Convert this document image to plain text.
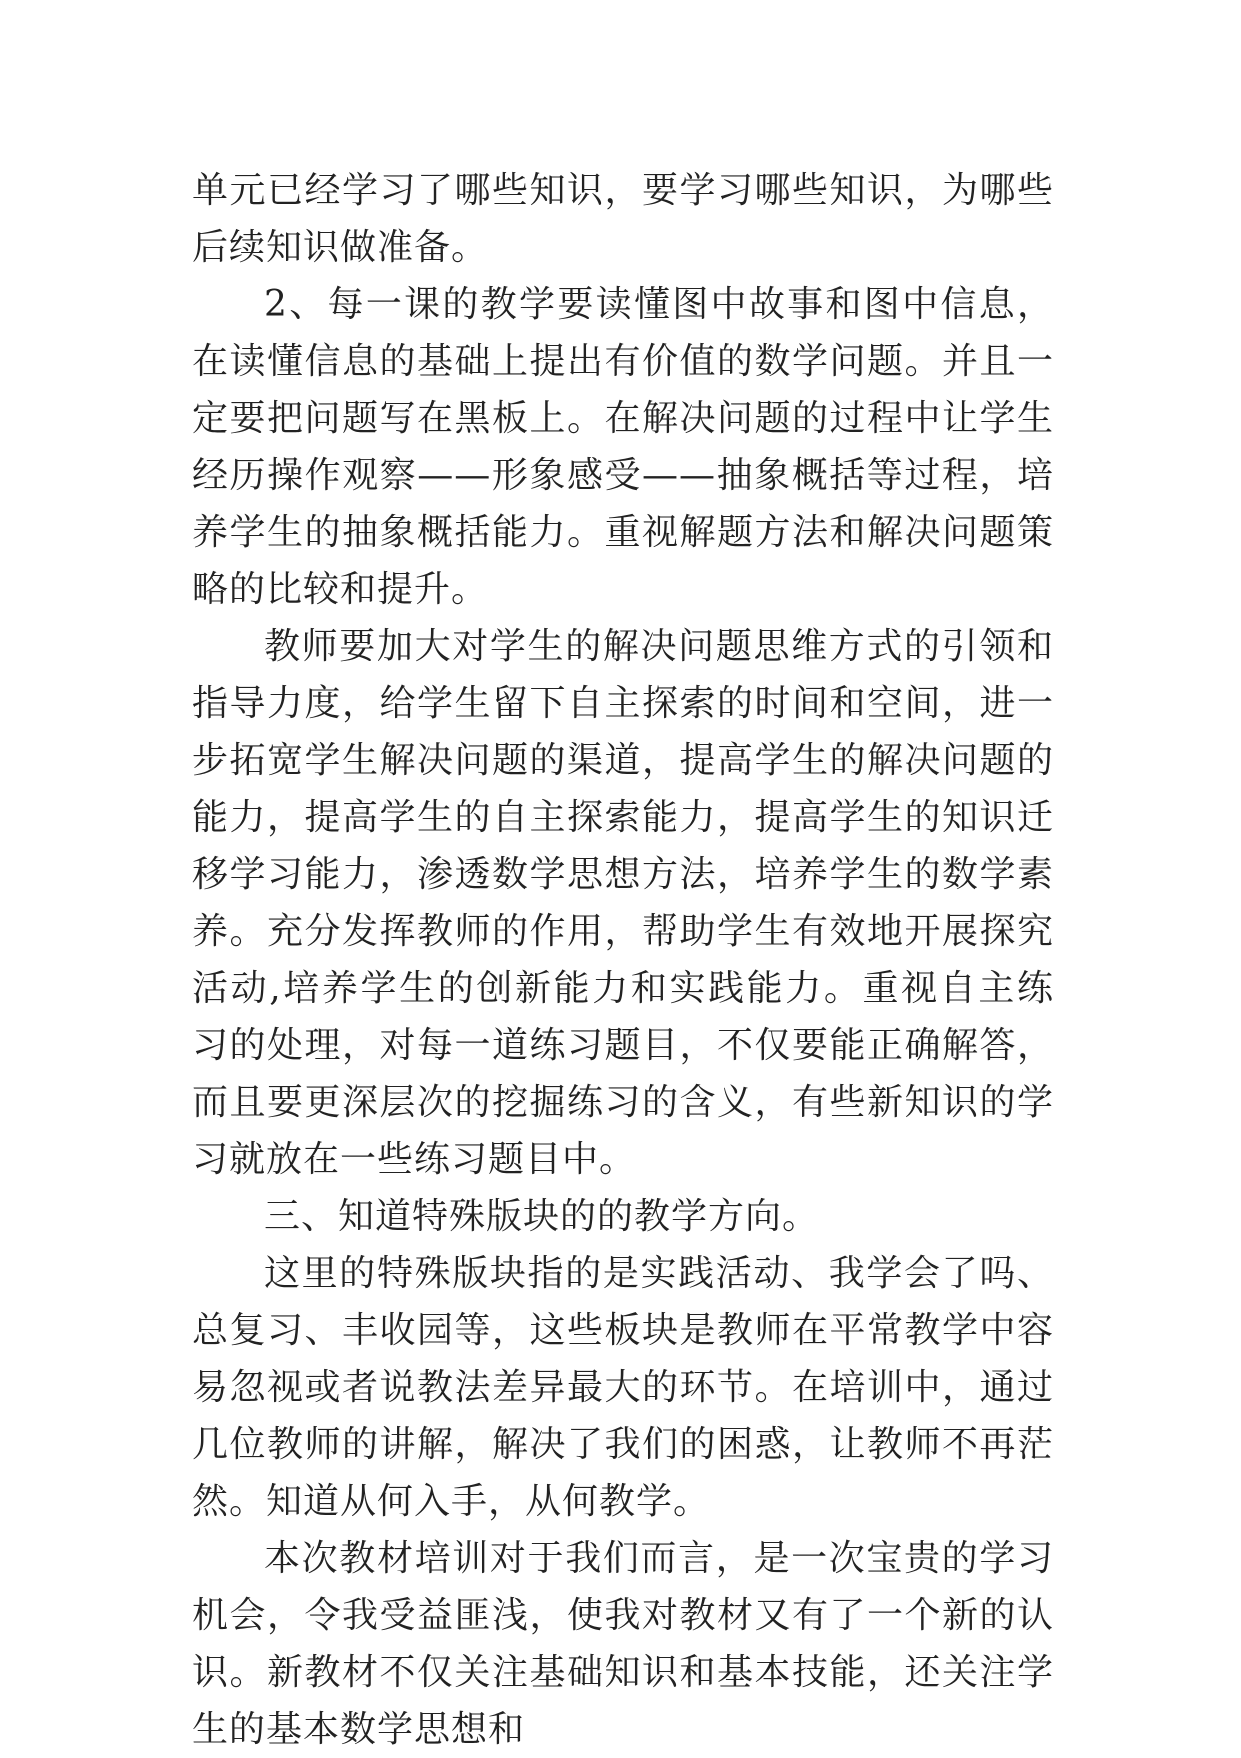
单元已经学习了哪些知识，要学习哪些知识，为哪些后续知识做准备。

2、每一课的教学要读懂图中故事和图中信息，在读懂信息的基础上提出有价值的数学问题。并且一定要把问题写在黑板上。在解决问题的过程中让学生经历操作观察——形象感受——抽象概括等过程，培养学生的抽象概括能力。重视解题方法和解决问题策略的比较和提升。

教师要加大对学生的解决问题思维方式的引领和指导力度，给学生留下自主探索的时间和空间，进一步拓宽学生解决问题的渠道，提高学生的解决问题的能力，提高学生的自主探索能力，提高学生的知识迁移学习能力，渗透数学思想方法，培养学生的数学素养。充分发挥教师的作用，帮助学生有效地开展探究活动,培养学生的创新能力和实践能力。重视自主练习的处理，对每一道练习题目，不仅要能正确解答，而且要更深层次的挖掘练习的含义，有些新知识的学习就放在一些练习题目中。

三、知道特殊版块的的教学方向。

这里的特殊版块指的是实践活动、我学会了吗、总复习、丰收园等，这些板块是教师在平常教学中容易忽视或者说教法差异最大的环节。在培训中，通过几位教师的讲解，解决了我们的困惑，让教师不再茫然。知道从何入手，从何教学。

本次教材培训对于我们而言，是一次宝贵的学习机会，令我受益匪浅，使我对教材又有了一个新的认识。新教材不仅关注基础知识和基本技能，还关注学生的基本数学思想和
